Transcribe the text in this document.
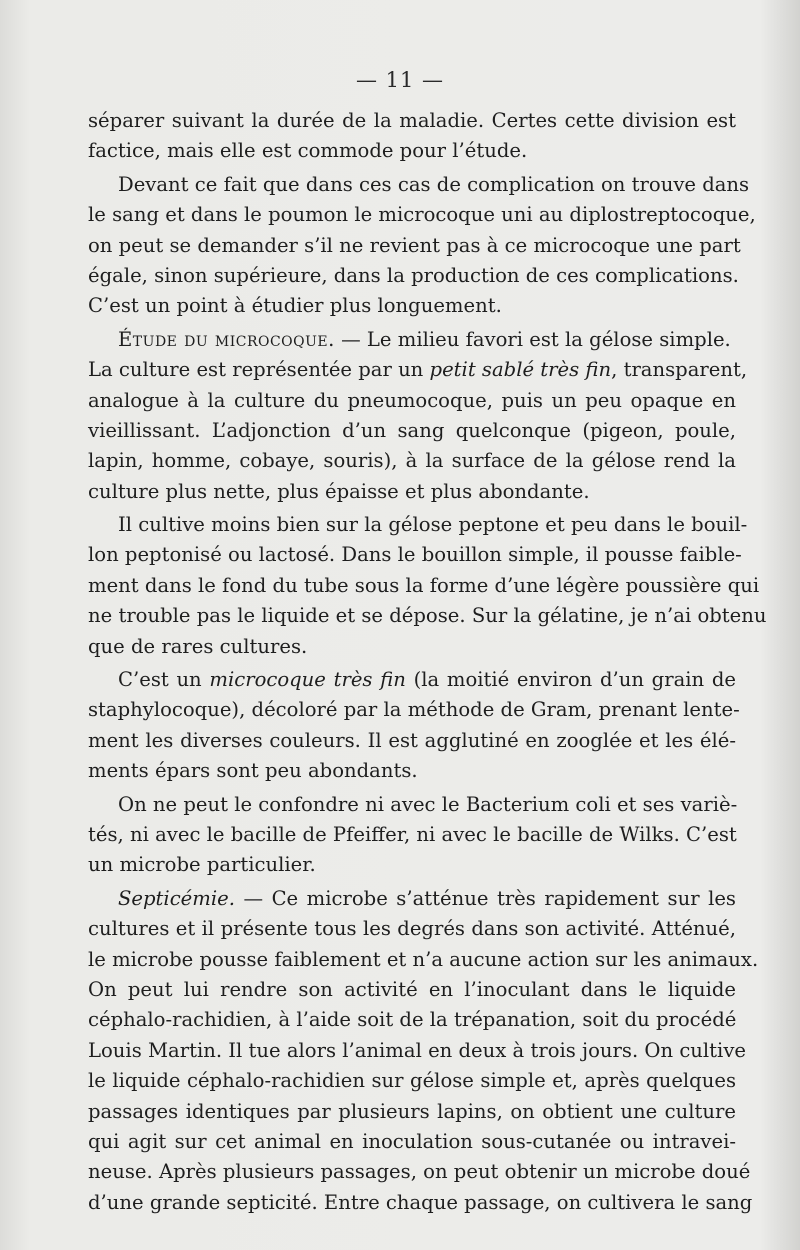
— 11 —
séparer suivant la durée de la maladie. Certes cette division est
factice, mais elle est commode pour l’étude.
Devant ce fait que dans ces cas de complication on trouve dans
le sang et dans le poumon le microcoque uni au diplostreptocoque,
on peut se demander s’il ne revient pas à ce microcoque une part
égale, sinon supérieure, dans la production de ces complications.
C’est un point à étudier plus longuement.
Étude du microcoque. — Le milieu favori est la gélose simple.
La culture est représentée par un petit sablé très fin, transparent,
analogue à la culture du pneumocoque, puis un peu opaque en
vieillissant. L’adjonction d’un sang quelconque (pigeon, poule,
lapin, homme, cobaye, souris), à la surface de la gélose rend la
culture plus nette, plus épaisse et plus abondante.
Il cultive moins bien sur la gélose peptone et peu dans le bouil-
lon peptonisé ou lactosé. Dans le bouillon simple, il pousse faible-
ment dans le fond du tube sous la forme d’une légère poussière qui
ne trouble pas le liquide et se dépose. Sur la gélatine, je n’ai obtenu
que de rares cultures.
C’est un microcoque très fin (la moitié environ d’un grain de
staphylocoque), décoloré par la méthode de Gram, prenant lente-
ment les diverses couleurs. Il est agglutiné en zooglée et les élé-
ments épars sont peu abondants.
On ne peut le confondre ni avec le Bacterium coli et ses variè-
tés, ni avec le bacille de Pfeiffer, ni avec le bacille de Wilks. C’est
un microbe particulier.
Septicémie. — Ce microbe s’atténue très rapidement sur les
cultures et il présente tous les degrés dans son activité. Atténué,
le microbe pousse faiblement et n’a aucune action sur les animaux.
On peut lui rendre son activité en l’inoculant dans le liquide
céphalo-rachidien, à l’aide soit de la trépanation, soit du procédé
Louis Martin. Il tue alors l’animal en deux à trois jours. On cultive
le liquide céphalo-rachidien sur gélose simple et, après quelques
passages identiques par plusieurs lapins, on obtient une culture
qui agit sur cet animal en inoculation sous-cutanée ou intravei-
neuse. Après plusieurs passages, on peut obtenir un microbe doué
d’une grande septicité. Entre chaque passage, on cultivera le sang
